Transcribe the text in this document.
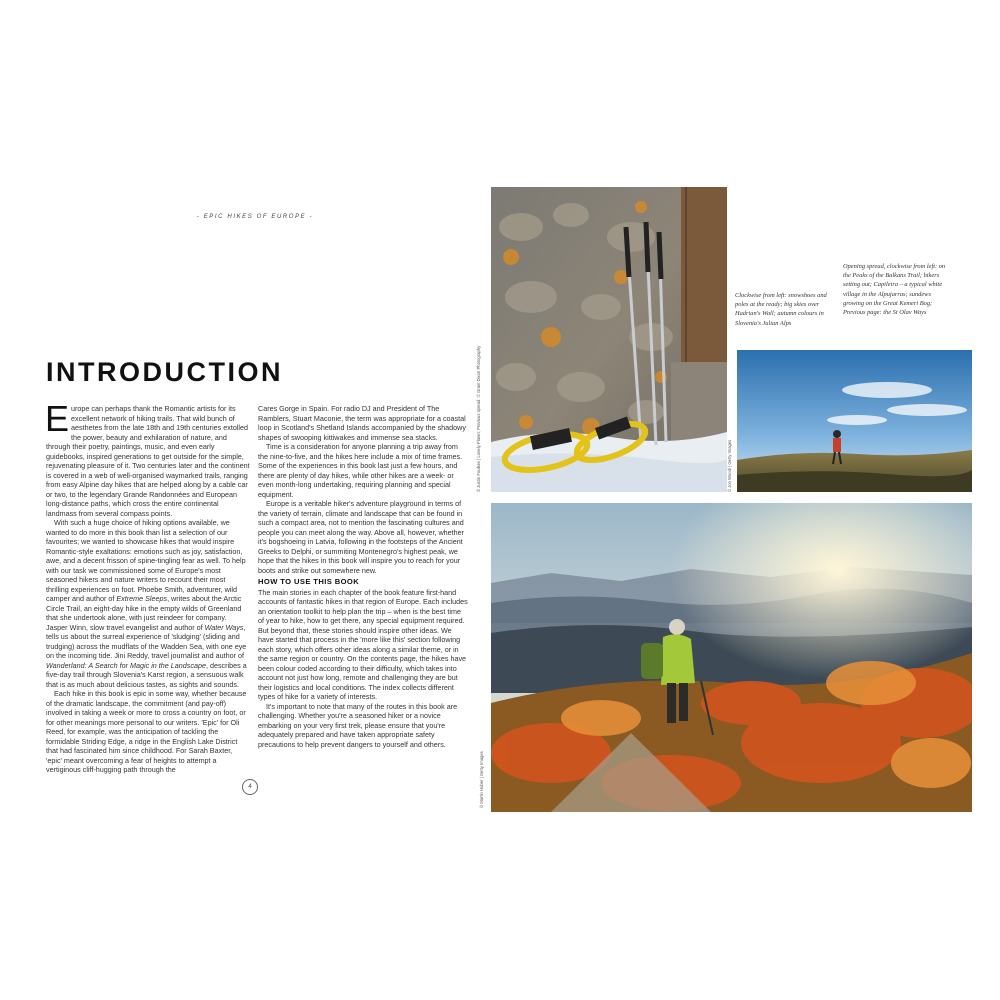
- EPIC HIKES OF EUROPE -
INTRODUCTION

Europe can perhaps thank the Romantic artists for its excellent network of hiking trails. That wild bunch of aesthetes from the late 18th and 19th centuries extolled the power, beauty and exhilaration of nature, and through their poetry, paintings, music, and even early guidebooks, inspired generations to get outside for the simple, rejuvenating pleasure of it. Two centuries later and the continent is covered in a web of well-organised waymarked trails, ranging from easy Alpine day hikes that are helped along by a cable car or two, to the legendary Grande Randonnées and European long-distance paths, which cross the entire continental landmass from several compass points.

With such a huge choice of hiking options available, we wanted to do more in this book than list a selection of our favourites; we wanted to showcase hikes that would inspire Romantic-style exaltations: emotions such as joy, satisfaction, awe, and a decent frisson of spine-tingling fear as well. To help with our task we commissioned some of Europe's most seasoned hikers and nature writers to recount their most thrilling experiences on foot. Phoebe Smith, adventurer, wild camper and author of Extreme Sleeps, writes about the Arctic Circle Trail, an eight-day hike in the empty wilds of Greenland that she undertook alone, with just reindeer for company. Jasper Winn, slow travel evangelist and author of Water Ways, tells us about the surreal experience of 'sludging' (sliding and trudging) across the mudflats of the Wadden Sea, with one eye on the incoming tide. Jini Reddy, travel journalist and author of Wanderland: A Search for Magic in the Landscape, describes a five-day trail through Slovenia's Karst region, a sensuous walk that is as much about delicious tastes, as sights and sounds.

Each hike in this book is epic in some way, whether because of the dramatic landscape, the commitment (and pay-off) involved in taking a week or more to cross a country on foot, or for other meanings more personal to our writers. 'Epic' for Oli Reed, for example, was the anticipation of tackling the formidable Striding Edge, a ridge in the English Lake District that had fascinated him since childhood. For Sarah Baxter, 'epic' meant overcoming a fear of heights to attempt a vertiginous cliff-hugging path through the

Cares Gorge in Spain. For radio DJ and President of The Ramblers, Stuart Maconie, the term was appropriate for a coastal loop in Scotland's Shetland Islands accompanied by the shadowy shapes of swooping kittiwakes and immense sea stacks.

Time is a consideration for anyone planning a trip away from the nine-to-five, and the hikes here include a mix of time frames. Some of the experiences in this book last just a few hours, and there are plenty of day hikes, while other hikes are a week- or even month-long undertaking, requiring planning and special equipment.

Europe is a veritable hiker's adventure playground in terms of the variety of terrain, climate and landscape that can be found in such a compact area, not to mention the fascinating cultures and people you can meet along the way. Above all, however, whether it's bogshoeing in Latvia, following in the footsteps of the Ancient Greeks to Delphi, or summiting Montenegro's highest peak, we hope that the hikes in this book will inspire you to reach for your boots and strike out somewhere new.

HOW TO USE THIS BOOK

The main stories in each chapter of the book feature first-hand accounts of fantastic hikes in that region of Europe. Each includes an orientation toolkit to help plan the trip – when is the best time of year to hike, how to get there, any special equipment required. But beyond that, these stories should inspire other ideas. We have started that process in the 'more like this' section following each story, which offers other ideas along a similar theme, or in the same region or country. On the contents page, the hikes have been colour coded according to their difficulty, which takes into account not just how long, remote and challenging they are but their logistics and local conditions. The index collects different types of hike for a variety of interests.

It's important to note that many of the routes in this book are challenging. Whether you're a seasoned hiker or a novice embarking on your very first trek, please ensure that you're adequately prepared and have taken appropriate safety precautions to help prevent dangers to yourself and others.

4
© Justin Foulkes | Lonely Planet; Previous spread: © Grant Dixon Photography	© Jon Woodi | Getty Images
© Martin Huber | Getty Images
Clockwise from left: snowshoes and poles at the ready; big skies over Hadrian's Wall; autumn colours in Slovenia's Julian Alps
Opening spread, clockwise from left: on the Peaks of the Balkans Trail; hikers setting out; Capileira – a typical white village in the Alpujarras; sundews growing on the Great Kemeri Bog; Previous page: the St Olav Ways
